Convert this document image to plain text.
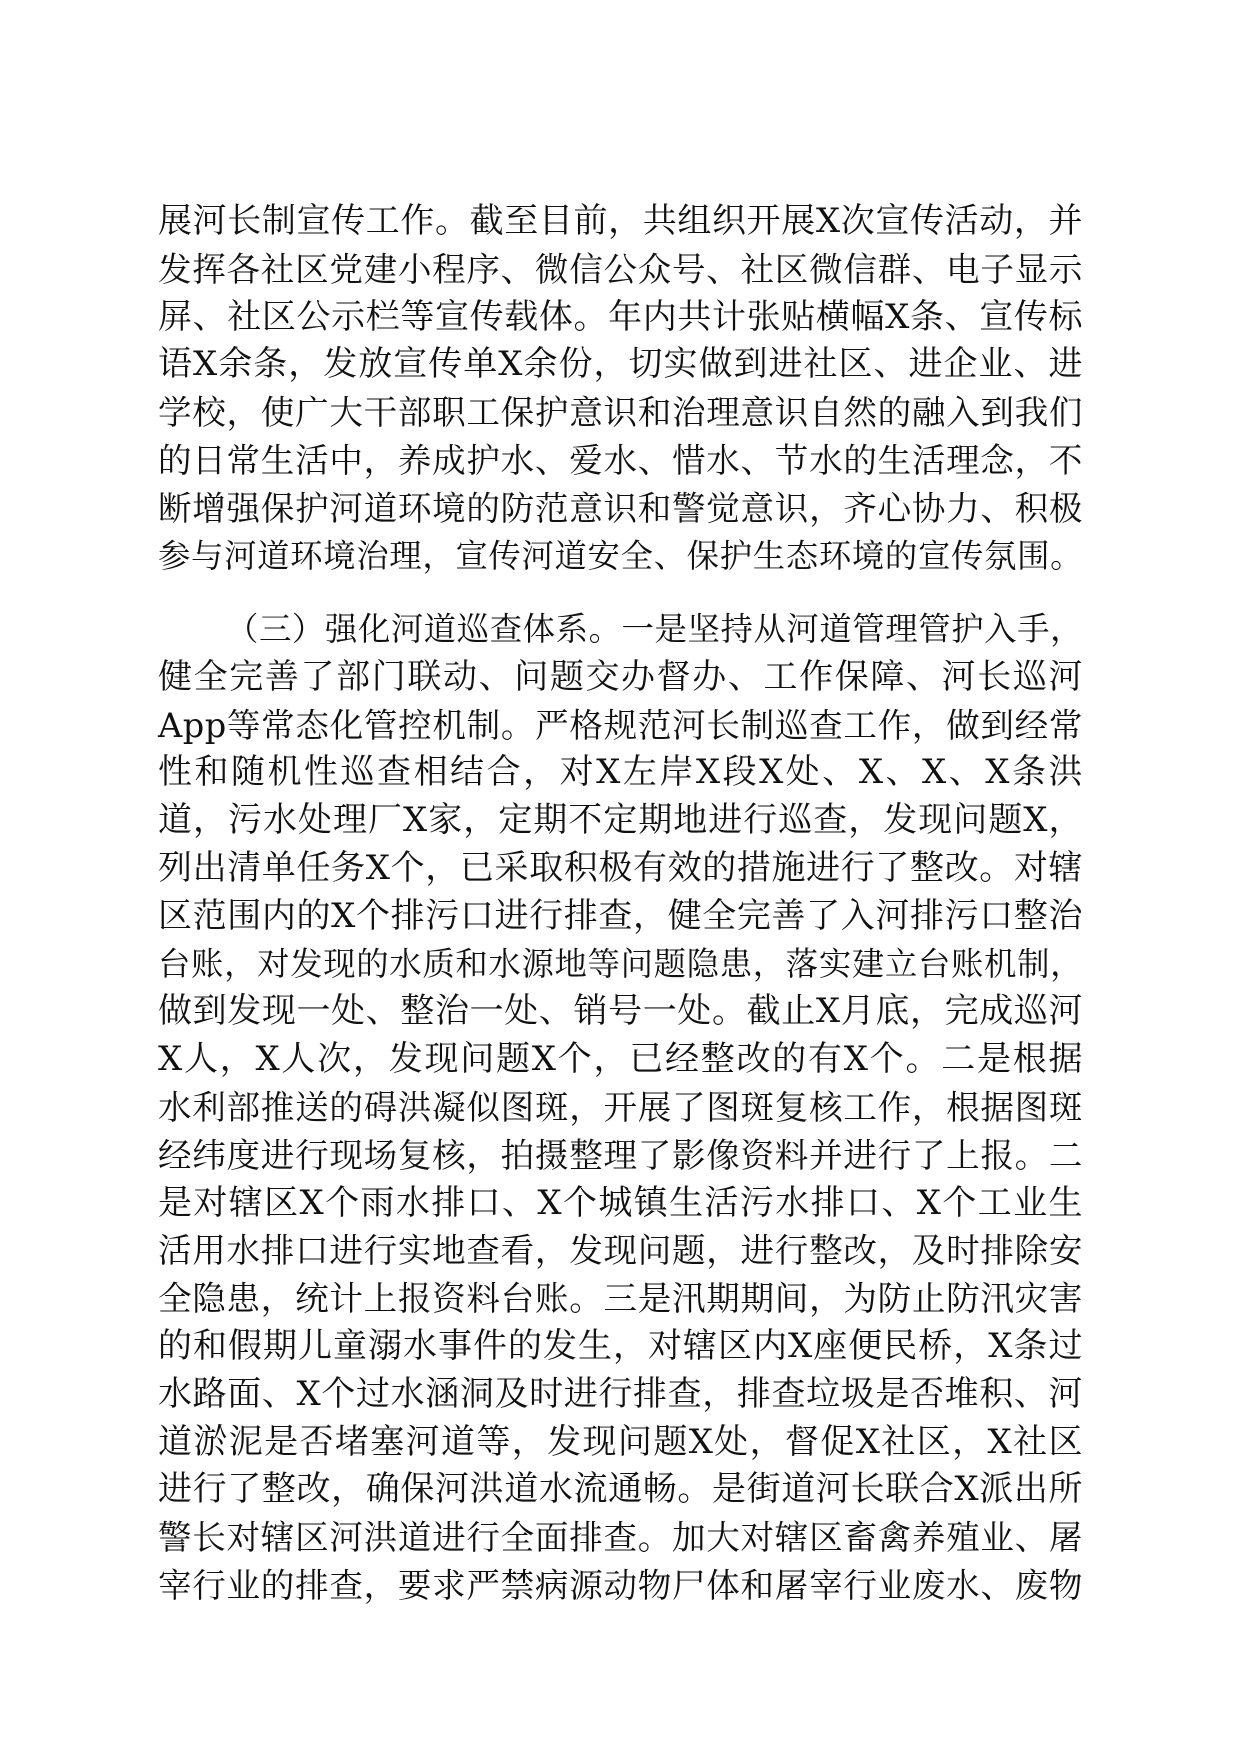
展河长制宣传工作。截至目前，共组织开展X次宣传活动，并
发挥各社区党建小程序、微信公众号、社区微信群、电子显示
屏、社区公示栏等宣传载体。年内共计张贴横幅X条、宣传标
语X余条，发放宣传单X余份，切实做到进社区、进企业、进
学校，使广大干部职工保护意识和治理意识自然的融入到我们
的日常生活中，养成护水、爱水、惜水、节水的生活理念，不
断增强保护河道环境的防范意识和警觉意识，齐心协力、积极
参与河道环境治理，宣传河道安全、保护生态环境的宣传氛围。
（三）强化河道巡查体系。一是坚持从河道管理管护入手，
健全完善了部门联动、问题交办督办、工作保障、河长巡河
App等常态化管控机制。严格规范河长制巡查工作，做到经常
性和随机性巡查相结合，对X左岸X段X处、X、X、X条洪
道，污水处理厂X家，定期不定期地进行巡查，发现问题X，
列出清单任务X个，已采取积极有效的措施进行了整改。对辖
区范围内的X个排污口进行排查，健全完善了入河排污口整治
台账，对发现的水质和水源地等问题隐患，落实建立台账机制，
做到发现一处、整治一处、销号一处。截止X月底，完成巡河
X人，X人次，发现问题X个，已经整改的有X个。二是根据
水利部推送的碍洪凝似图斑，开展了图斑复核工作，根据图斑
经纬度进行现场复核，拍摄整理了影像资料并进行了上报。二
是对辖区X个雨水排口、X个城镇生活污水排口、X个工业生
活用水排口进行实地查看，发现问题，进行整改，及时排除安
全隐患，统计上报资料台账。三是汛期期间，为防止防汛灾害
的和假期儿童溺水事件的发生，对辖区内X座便民桥，X条过
水路面、X个过水涵洞及时进行排查，排查垃圾是否堆积、河
道淤泥是否堵塞河道等，发现问题X处，督促X社区，X社区
进行了整改，确保河洪道水流通畅。是街道河长联合X派出所
警长对辖区河洪道进行全面排查。加大对辖区畜禽养殖业、屠
宰行业的排查，要求严禁病源动物尸体和屠宰行业废水、废物
